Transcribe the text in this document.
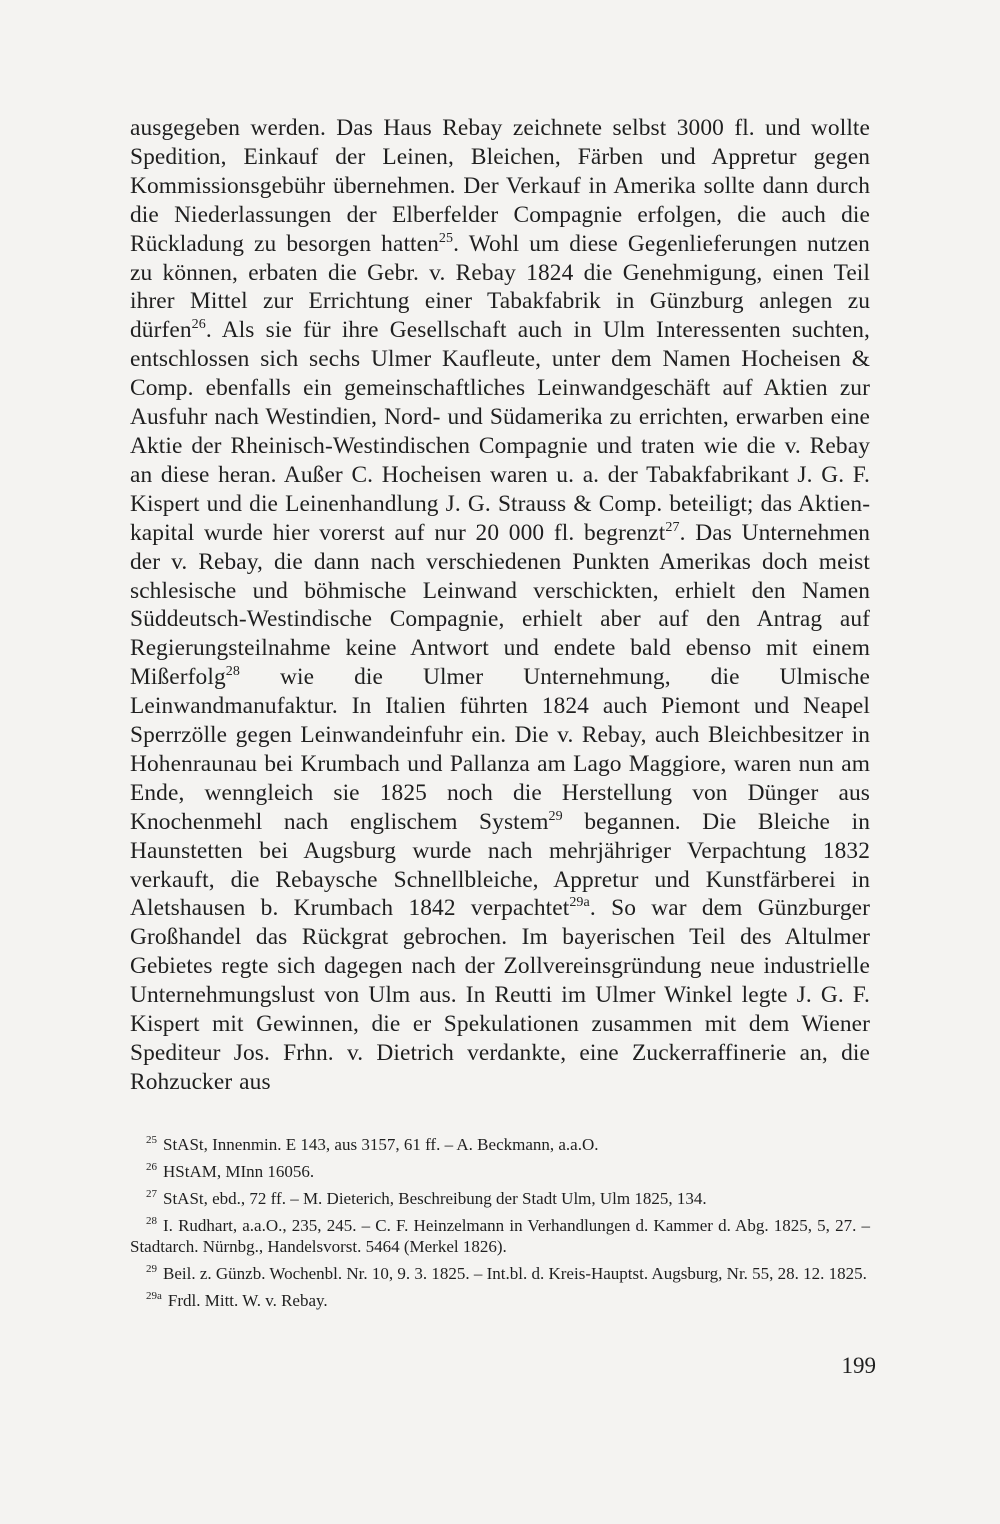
ausgegeben werden. Das Haus Rebay zeichnete selbst 3000 fl. und wollte Spedition, Einkauf der Leinen, Bleichen, Färben und Appretur gegen Kommissionsgebühr übernehmen. Der Verkauf in Amerika sollte dann durch die Niederlassungen der Elberfelder Compagnie erfolgen, die auch die Rückladung zu besorgen hatten$^{25}$. Wohl um diese Gegenlieferungen nutzen zu können, erbaten die Gebr. v. Rebay 1824 die Genehmigung, einen Teil ihrer Mittel zur Errichtung einer Tabakfabrik in Günzburg anlegen zu dürfen$^{26}$. Als sie für ihre Gesellschaft auch in Ulm Interessenten suchten, entschlossen sich sechs Ulmer Kaufleute, unter dem Namen Hocheisen & Comp. ebenfalls ein gemeinschaftliches Leinwandgeschäft auf Aktien zur Ausfuhr nach Westindien, Nord- und Südamerika zu errichten, erwarben eine Aktie der Rheinisch-Westindischen Compagnie und traten wie die v. Rebay an diese heran. Außer C. Hocheisen waren u. a. der Tabakfabrikant J. G. F. Kispert und die Leinenhandlung J. G. Strauss & Comp. beteiligt; das Aktienkapital wurde hier vorerst auf nur 20 000 fl. begrenzt$^{27}$. Das Unternehmen der v. Rebay, die dann nach verschiedenen Punkten Amerikas doch meist schlesische und böhmische Leinwand verschickten, erhielt den Namen Süddeutsch-Westindische Compagnie, erhielt aber auf den Antrag auf Regierungsteilnahme keine Antwort und endete bald ebenso mit einem Mißerfolg$^{28}$ wie die Ulmer Unternehmung, die Ulmische Leinwandmanufaktur. In Italien führten 1824 auch Piemont und Neapel Sperrzölle gegen Leinwandeinfuhr ein. Die v. Rebay, auch Bleichbesitzer in Hohenraunau bei Krumbach und Pallanza am Lago Maggiore, waren nun am Ende, wenngleich sie 1825 noch die Herstellung von Dünger aus Knochenmehl nach englischem System$^{29}$ begannen. Die Bleiche in Haunstetten bei Augsburg wurde nach mehrjähriger Verpachtung 1832 verkauft, die Rebaysche Schnellbleiche, Appretur und Kunstfärberei in Aletshausen b. Krumbach 1842 verpachtet$^{29a}$. So war dem Günzburger Großhandel das Rückgrat gebrochen. Im bayerischen Teil des Altulmer Gebietes regte sich dagegen nach der Zollvereinsgründung neue industrielle Unternehmungslust von Ulm aus. In Reutti im Ulmer Winkel legte J. G. F. Kispert mit Gewinnen, die er Spekulationen zusammen mit dem Wiener Spediteur Jos. Frhn. v. Dietrich verdankte, eine Zuckerraffinerie an, die Rohzucker aus

$^{25}$ StASt, Innenmin. E 143, aus 3157, 61 ff. – A. Beckmann, a.a.O.

$^{26}$ HStAM, MInn 16056.

$^{27}$ StASt, ebd., 72 ff. – M. Dieterich, Beschreibung der Stadt Ulm, Ulm 1825, 134.

$^{28}$ I. Rudhart, a.a.O., 235, 245. – C. F. Heinzelmann in Verhandlungen d. Kammer d. Abg. 1825, 5, 27. – Stadtarch. Nürnbg., Handelsvorst. 5464 (Merkel 1826).

$^{29}$ Beil. z. Günzb. Wochenbl. Nr. 10, 9. 3. 1825. – Int.bl. d. Kreis-Hauptst. Augsburg, Nr. 55, 28. 12. 1825.

$^{29a}$ Frdl. Mitt. W. v. Rebay.

199
